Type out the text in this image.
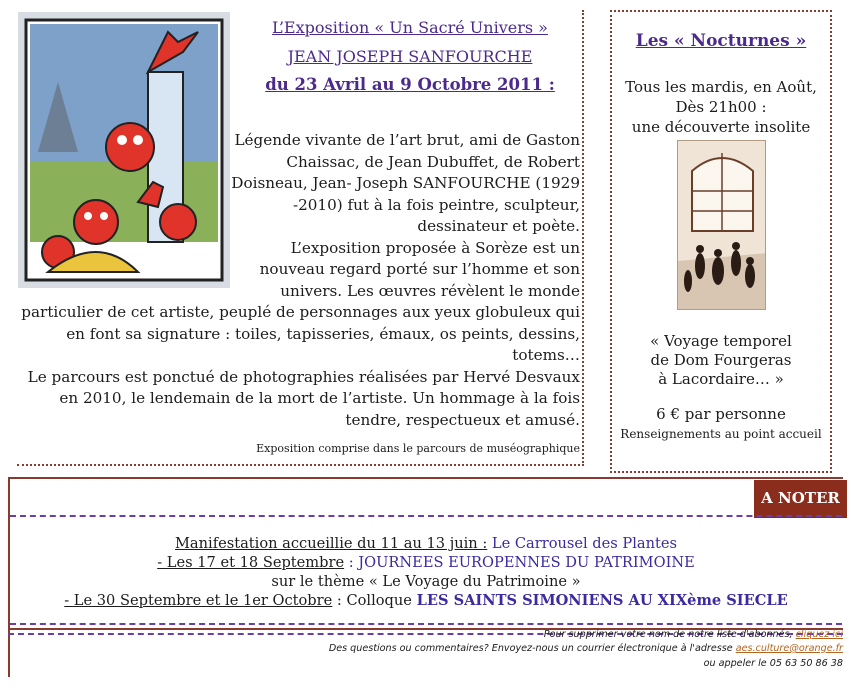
L’Exposition « Un Sacré Univers »
JEAN JOSEPH SANFOURCHE
du 23 Avril au 9 Octobre 2011 :
Légende vivante de l’art brut, ami de Gaston
Chaissac, de Jean Dubuffet, de Robert
Doisneau, Jean- Joseph SANFOURCHE (1929
-2010) fut à la fois peintre, sculpteur,
dessinateur et poète.
L’exposition proposée à Sorèze est un
nouveau regard porté sur l’homme et son
univers. Les œuvres révèlent le monde
particulier de cet artiste, peuplé de personnages aux yeux globuleux qui
en font sa signature : toiles, tapisseries, émaux, os peints, dessins,
totems…
Le parcours est ponctué de photographies réalisées par Hervé Desvaux
en 2010, le lendemain de la mort de l’artiste. Un hommage à la fois
tendre, respectueux et amusé.
Exposition comprise dans le parcours de muséographique
Les « Nocturnes »
Tous les mardis, en Août,
Dès 21h00 :
une découverte insolite
« Voyage temporel
de Dom Fourgeras
à Lacordaire… »
6 € par personne
Renseignements au point accueil
A NOTER
Manifestation accueillie du 11 au 13 juin : Le Carrousel des Plantes
- Les 17 et 18 Septembre : JOURNEES EUROPENNES DU PATRIMOINE
sur le thème « Le Voyage du Patrimoine »
- Le 30 Septembre et le 1er Octobre : Colloque LES SAINTS SIMONIENS AU XIXème SIECLE
Pour supprimer votre nom de notre liste d'abonnés, cliquez ici
Des questions ou commentaires? Envoyez-nous un courrier électronique à l'adresse aes.culture@orange.fr
ou appeler le 05 63 50 86 38
